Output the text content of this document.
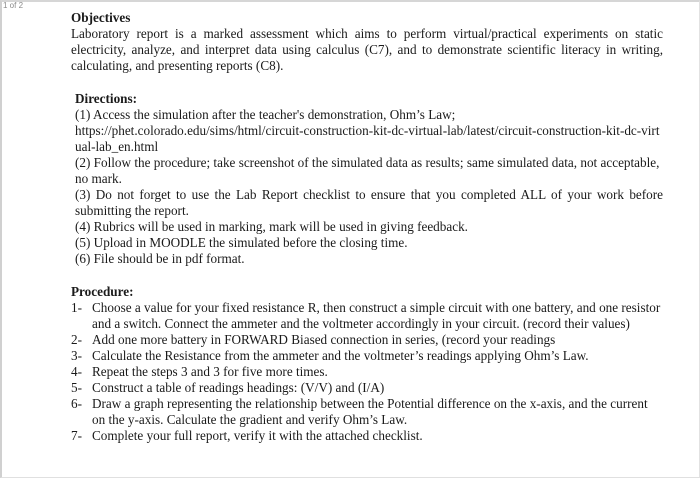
1 of 2
Objectives

Laboratory report is a marked assessment which aims to perform virtual/practical experiments on static electricity, analyze, and interpret data using calculus (C7), and to demonstrate scientific literacy in writing, calculating, and presenting reports (C8).

Directions:

(1) Access the simulation after the teacher's demonstration, Ohm’s Law;

https://phet.colorado.edu/sims/html/circuit-construction-kit-dc-virtual-lab/latest/circuit-construction-kit-dc-virtual-lab_en.html

(2) Follow the procedure; take screenshot of the simulated data as results; same simulated data, not acceptable, no mark.

(3) Do not forget to use the Lab Report checklist to ensure that you completed ALL of your work before submitting the report.

(4) Rubrics will be used in marking, mark will be used in giving feedback.

(5) Upload in MOODLE the simulated before the closing time.

(6) File should be in pdf format.

Procedure:
1- Choose a value for your fixed resistance R, then construct a simple circuit with one battery, and one resistor and a switch. Connect the ammeter and the voltmeter accordingly in your circuit. (record their values)
2- Add one more battery in FORWARD Biased connection in series, (record your readings
3- Calculate the Resistance from the ammeter and the voltmeter’s readings applying Ohm’s Law.
4- Repeat the steps 3 and 3 for five more times.
5- Construct a table of readings headings: (V/V) and (I/A)
6- Draw a graph representing the relationship between the Potential difference on the x-axis, and the current on the y-axis. Calculate the gradient and verify Ohm’s Law.
7- Complete your full report, verify it with the attached checklist.
